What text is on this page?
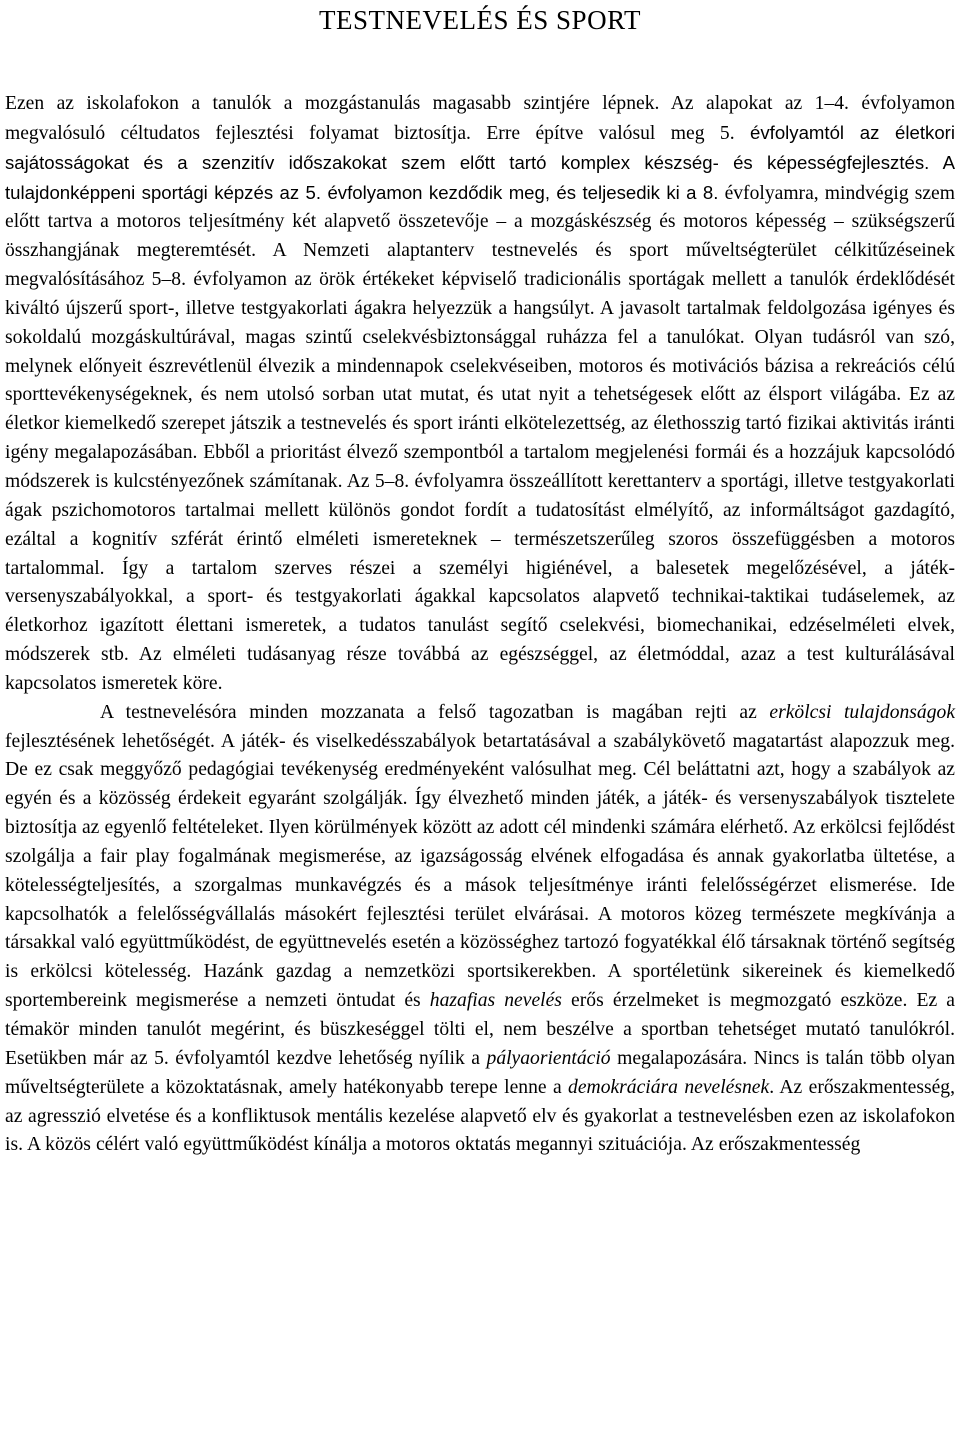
TESTNEVELÉS ÉS SPORT

Ezen az iskolafokon a tanulók a mozgástanulás magasabb szintjére lépnek. Az alapokat az 1–4. évfolyamon megvalósuló céltudatos fejlesztési folyamat biztosítja. Erre építve valósul meg 5. évfolyamtól az életkori sajátosságokat és a szenzitív időszakokat szem előtt tartó komplex készség- és képességfejlesztés. A tulajdonképpeni sportági képzés az 5. évfolyamon kezdődik meg, és teljesedik ki a 8. évfolyamra, mindvégig szem előtt tartva a motoros teljesítmény két alapvető összetevője – a mozgáskészség és motoros képesség – szükségszerű összhangjának megteremtését. A Nemzeti alaptanterv testnevelés és sport műveltségterület célkitűzéseinek megvalósításához 5–8. évfolyamon az örök értékeket képviselő tradicionális sportágak mellett a tanulók érdeklődését kiváltó újszerű sport-, illetve testgyakorlati ágakra helyezzük a hangsúlyt. A javasolt tartalmak feldolgozása igényes és sokoldalú mozgáskultúrával, magas szintű cselekvésbiztonsággal ruházza fel a tanulókat. Olyan tudásról van szó, melynek előnyeit észrevétlenül élvezik a mindennapok cselekvéseiben, motoros és motivációs bázisa a rekreációs célú sporttevékenységeknek, és nem utolsó sorban utat mutat, és utat nyit a tehetségesek előtt az élsport világába. Ez az életkor kiemelkedő szerepet játszik a testnevelés és sport iránti elkötelezettség, az élethosszig tartó fizikai aktivitás iránti igény megalapozásában. Ebből a prioritást élvező szempontból a tartalom megjelenési formái és a hozzájuk kapcsolódó módszerek is kulcstényezőnek számítanak. Az 5–8. évfolyamra összeállított kerettanterv a sportági, illetve testgyakorlati ágak pszichomotoros tartalmai mellett különös gondot fordít a tudatosítást elmélyítő, az informáltságot gazdagító, ezáltal a kognitív szférát érintő elméleti ismereteknek – természetszerűleg szoros összefüggésben a motoros tartalommal. Így a tartalom szerves részei a személyi higiénével, a balesetek megelőzésével, a játék-versenyszabályokkal, a sport- és testgyakorlati ágakkal kapcsolatos alapvető technikai-taktikai tudáselemek, az életkorhoz igazított élettani ismeretek, a tudatos tanulást segítő cselekvési, biomechanikai, edzéselméleti elvek, módszerek stb. Az elméleti tudásanyag része továbbá az egészséggel, az életmóddal, azaz a test kulturálásával kapcsolatos ismeretek köre.

A testnevelésóra minden mozzanata a felső tagozatban is magában rejti az erkölcsi tulajdonságok fejlesztésének lehetőségét. A játék- és viselkedésszabályok betartatásával a szabálykövető magatartást alapozzuk meg. De ez csak meggyőző pedagógiai tevékenység eredményeként valósulhat meg. Cél beláttatni azt, hogy a szabályok az egyén és a közösség érdekeit egyaránt szolgálják. Így élvezhető minden játék, a játék- és versenyszabályok tisztelete biztosítja az egyenlő feltételeket. Ilyen körülmények között az adott cél mindenki számára elérhető. Az erkölcsi fejlődést szolgálja a fair play fogalmának megismerése, az igazságosság elvének elfogadása és annak gyakorlatba ültetése, a kötelességteljesítés, a szorgalmas munkavégzés és a mások teljesítménye iránti felelősségérzet elismerése. Ide kapcsolhatók a felelősségvállalás másokért fejlesztési terület elvárásai. A motoros közeg természete megkívánja a társakkal való együttműködést, de együttnevelés esetén a közösséghez tartozó fogyatékkal élő társaknak történő segítség is erkölcsi kötelesség. Hazánk gazdag a nemzetközi sportsikerekben. A sportéletünk sikereinek és kiemelkedő sportembereink megismerése a nemzeti öntudat és hazafias nevelés erős érzelmeket is megmozgató eszköze. Ez a témakör minden tanulót megérint, és büszkeséggel tölti el, nem beszélve a sportban tehetséget mutató tanulókról. Esetükben már az 5. évfolyamtól kezdve lehetőség nyílik a pályaorientáció megalapozására. Nincs is talán több olyan műveltségterülete a közoktatásnak, amely hatékonyabb terepe lenne a demokráciára nevelésnek. Az erőszakmentesség, az agresszió elvetése és a konfliktusok mentális kezelése alapvető elv és gyakorlat a testnevelésben ezen az iskolafokon is. A közös célért való együttműködést kínálja a motoros oktatás megannyi szituációja. Az erőszakmentesség
